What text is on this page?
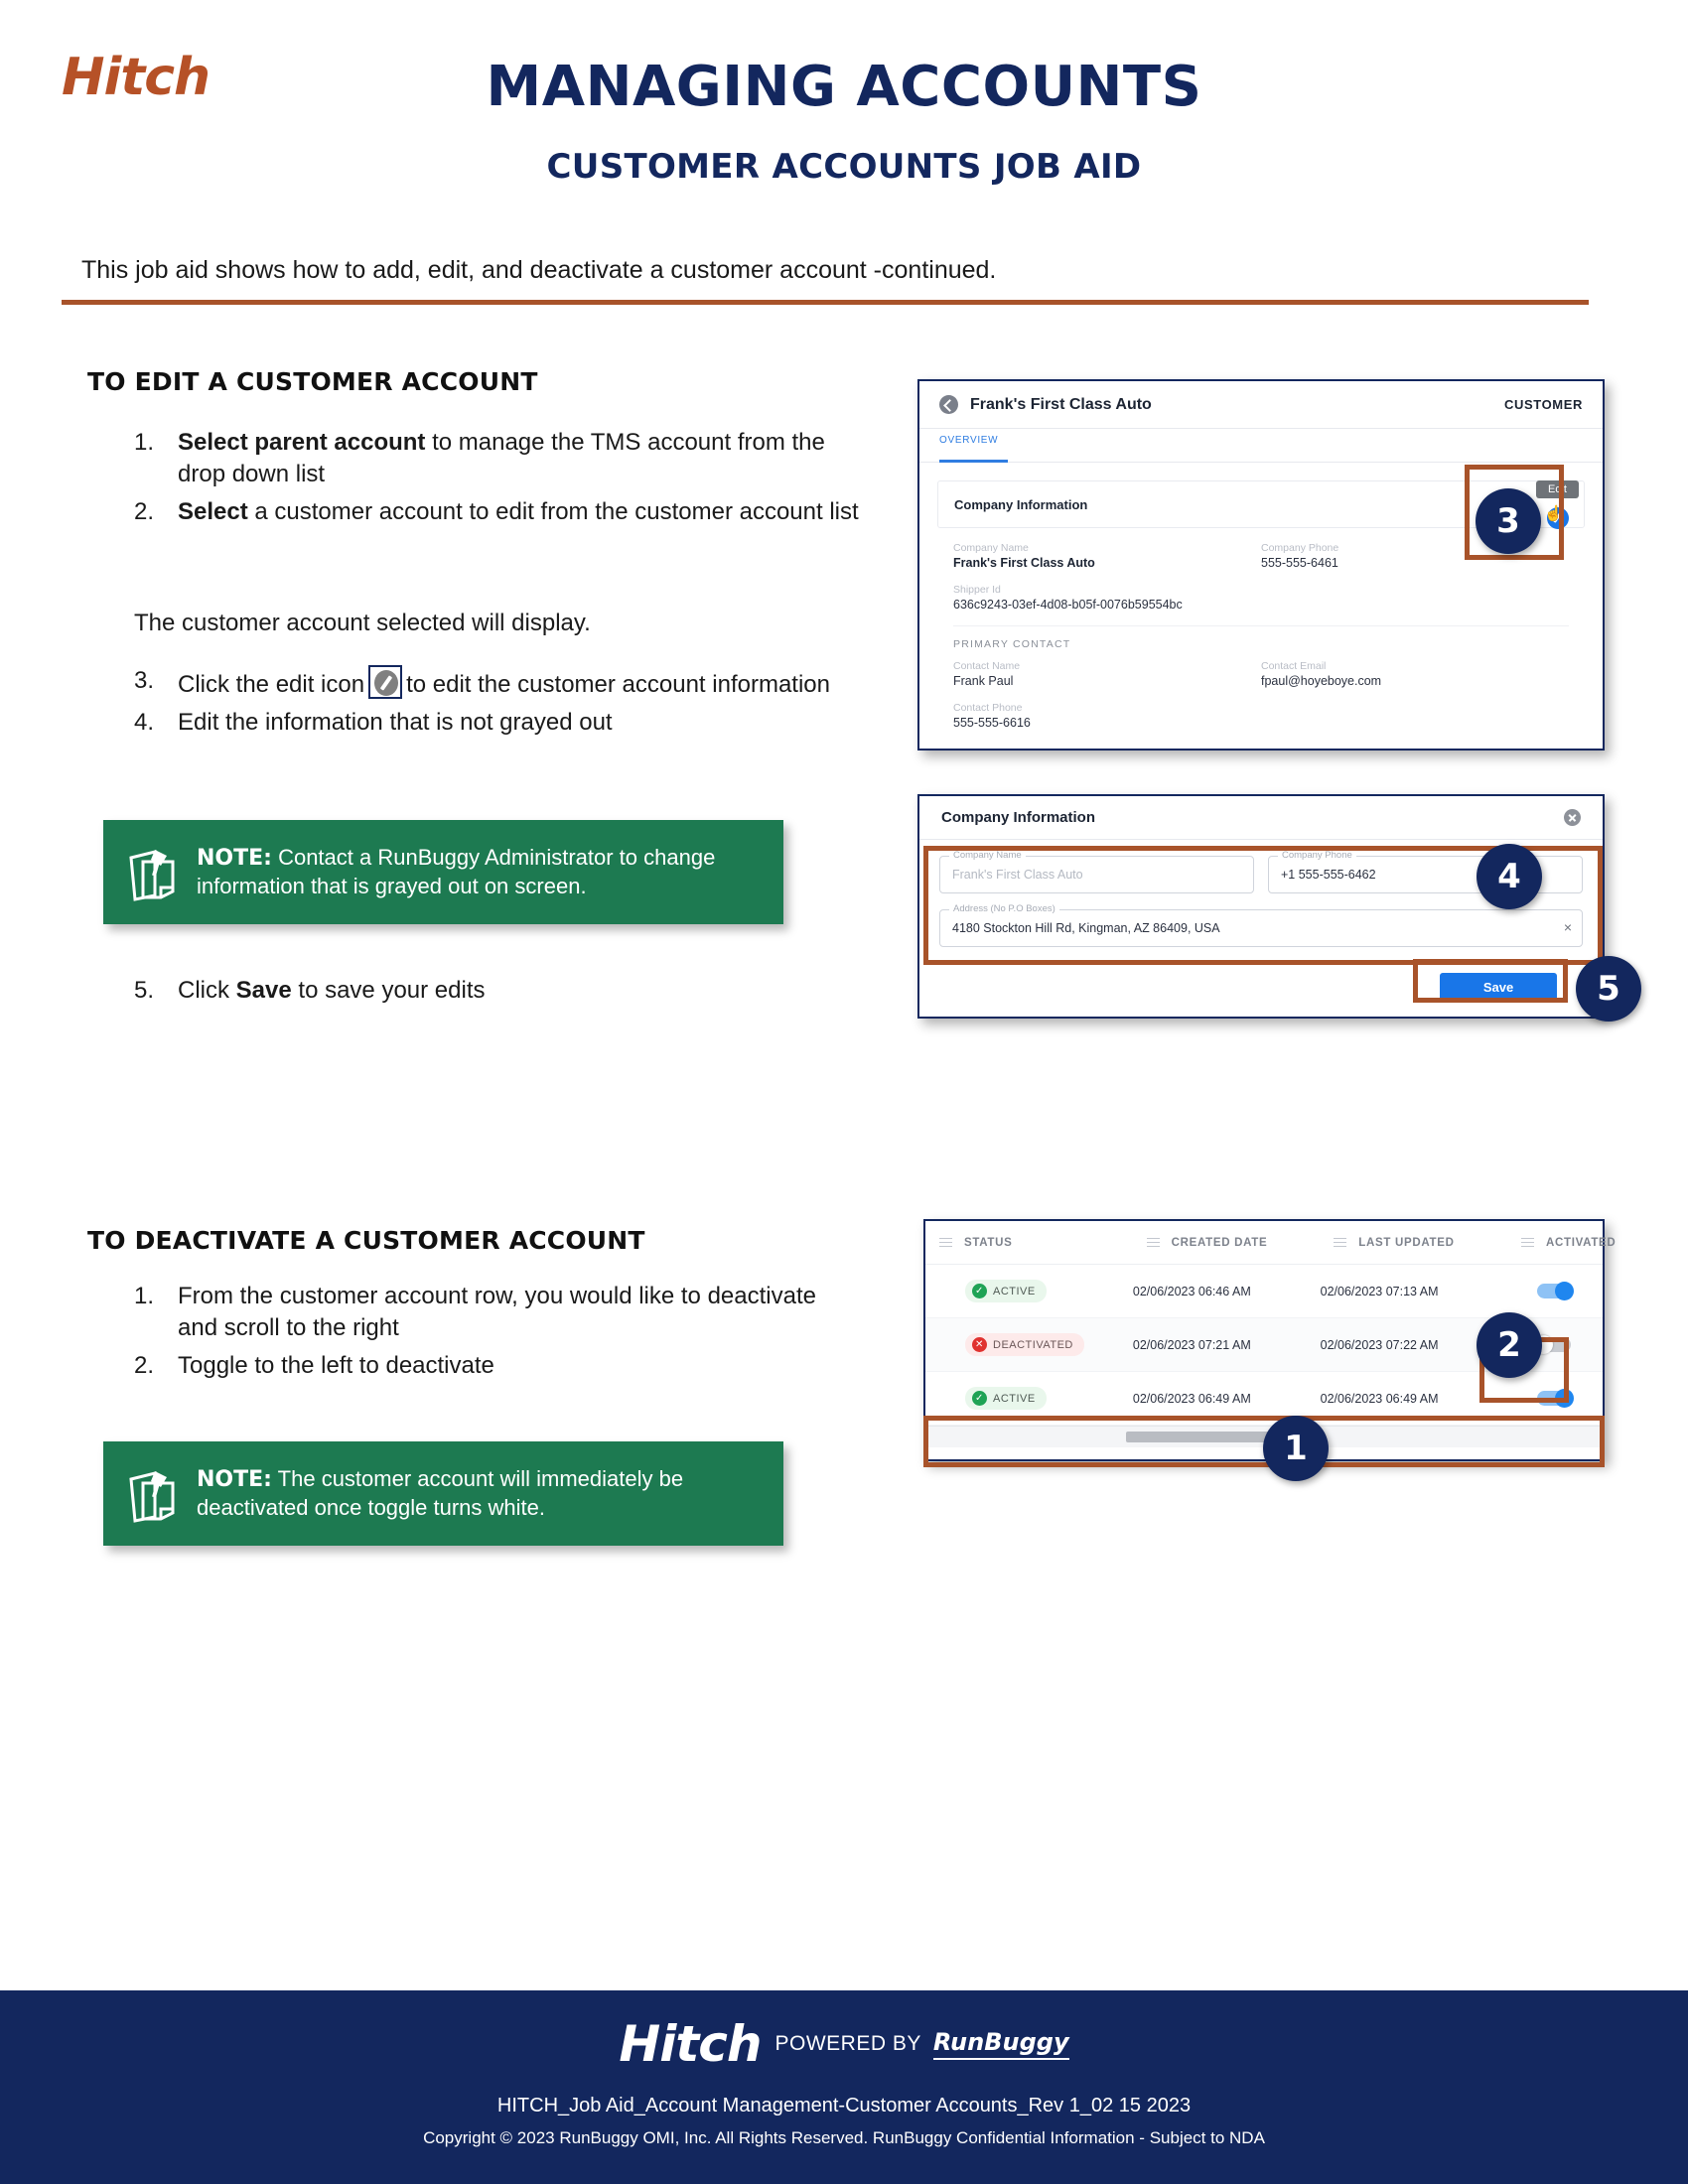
Hitch	MANAGING ACCOUNTS
CUSTOMER ACCOUNTS JOB AID
This job aid shows how to add, edit, and deactivate a customer account -continued.
TO EDIT A CUSTOMER ACCOUNT
1. Select parent account to manage the TMS account from the drop down list
2. Select a customer account to edit from the customer account list
The customer account selected will display.
3. Click the edit icon to edit the customer account information
4. Edit the information that is not grayed out
NOTE: Contact a RunBuggy Administrator to change information that is grayed out on screen.
5. Click Save to save your edits
Frank's First Class Auto	CUSTOMER
OVERVIEW
Company Information
Edit
☝
Company Name
Frank's First Class Auto
Company Phone
555-555-6461
Shipper Id
636c9243-03ef-4d08-b05f-0076b59554bc
PRIMARY CONTACT
Contact Name
Frank Paul
Contact Email
fpaul@hoyeboye.com
Contact Phone
555-555-6616
Company Information
Company Name
Frank's First Class Auto
Company Phone
+1 555-555-6462
Address (No P.O Boxes)
4180 Stockton Hill Rd, Kingman, AZ 86409, USA	×
Save
TO DEACTIVATE A CUSTOMER ACCOUNT
1. From the customer account row, you would like to deactivate and scroll to the right
2. Toggle to the left to deactivate
NOTE: The customer account will immediately be deactivated once toggle turns white.
STATUS	CREATED DATE	LAST UPDATED	ACTIVATED
✓ ACTIVE	02/06/2023 06:46 AM	02/06/2023 07:13 AM
✕ DEACTIVATED	02/06/2023 07:21 AM	02/06/2023 07:22 AM
✓ ACTIVE	02/06/2023 06:49 AM	02/06/2023 06:49 AM
3
4
5
2
1
Hitch POWERED BY RunBuggy
HITCH_Job Aid_Account Management-Customer Accounts_Rev 1_02 15 2023
Copyright © 2023 RunBuggy OMI, Inc. All Rights Reserved. RunBuggy Confidential Information - Subject to NDA
